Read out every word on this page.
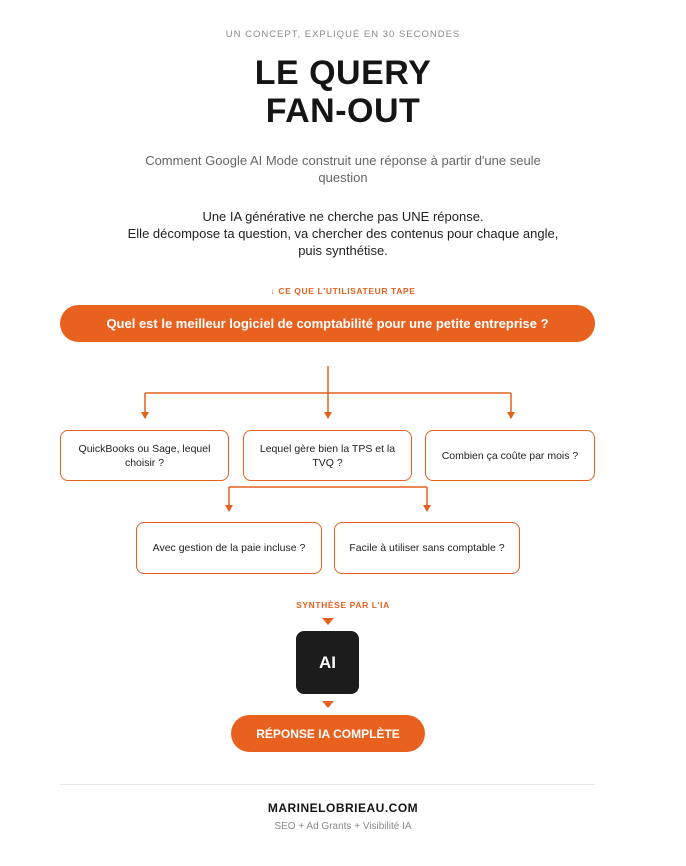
UN CONCEPT, EXPLIQUÉ EN 30 SECONDES
LE QUERY
FAN-OUT
Comment Google AI Mode construit une réponse à partir d'une seule question
Une IA générative ne cherche pas UNE réponse.
Elle décompose ta question, va chercher des contenus pour chaque angle,
puis synthétise.
↓ CE QUE L'UTILISATEUR TAPE
Quel est le meilleur logiciel de comptabilité pour une petite entreprise ?
QuickBooks ou Sage, lequel choisir ?
Lequel gère bien la TPS et la TVQ ?
Combien ça coûte par mois ?
Avec gestion de la paie incluse ?	Facile à utiliser sans comptable ?
SYNTHÈSE PAR L'IA
AI
RÉPONSE IA COMPLÈTE
MARINELOBRIEAU.COM
SEO + Ad Grants + Visibilité IA
